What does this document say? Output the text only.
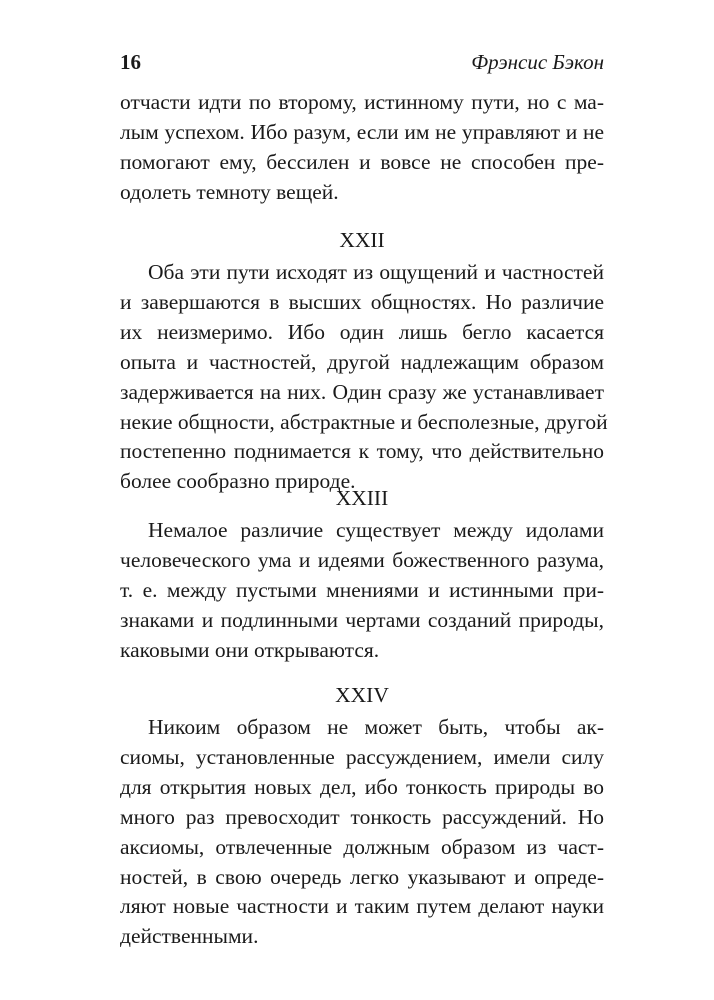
16	Фрэнсис Бэкон
отчасти идти по второму, истинному пути, но с ма-
лым успехом. Ибо разум, если им не управляют и не
помогают ему, бессилен и вовсе не способен пре-
одолеть темноту вещей.
XXII
Оба эти пути исходят из ощущений и частностей
и завершаются в высших общностях. Но различие
их неизмеримо. Ибо один лишь бегло касается
опыта и частностей, другой надлежащим образом
задерживается на них. Один сразу же устанавливает
некие общности, абстрактные и бесполезные, другой
постепенно поднимается к тому, что действительно
более сообразно природе.
XXIII
Немалое различие существует между идолами
человеческого ума и идеями божественного разума,
т. е. между пустыми мнениями и истинными при-
знаками и подлинными чертами созданий природы,
каковыми они открываются.
XXIV
Никоим образом не может быть, чтобы ак-
сиомы, установленные рассуждением, имели силу
для открытия новых дел, ибо тонкость природы во
много раз превосходит тонкость рассуждений. Но
аксиомы, отвлеченные должным образом из част-
ностей, в свою очередь легко указывают и опреде-
ляют новые частности и таким путем делают науки
действенными.
